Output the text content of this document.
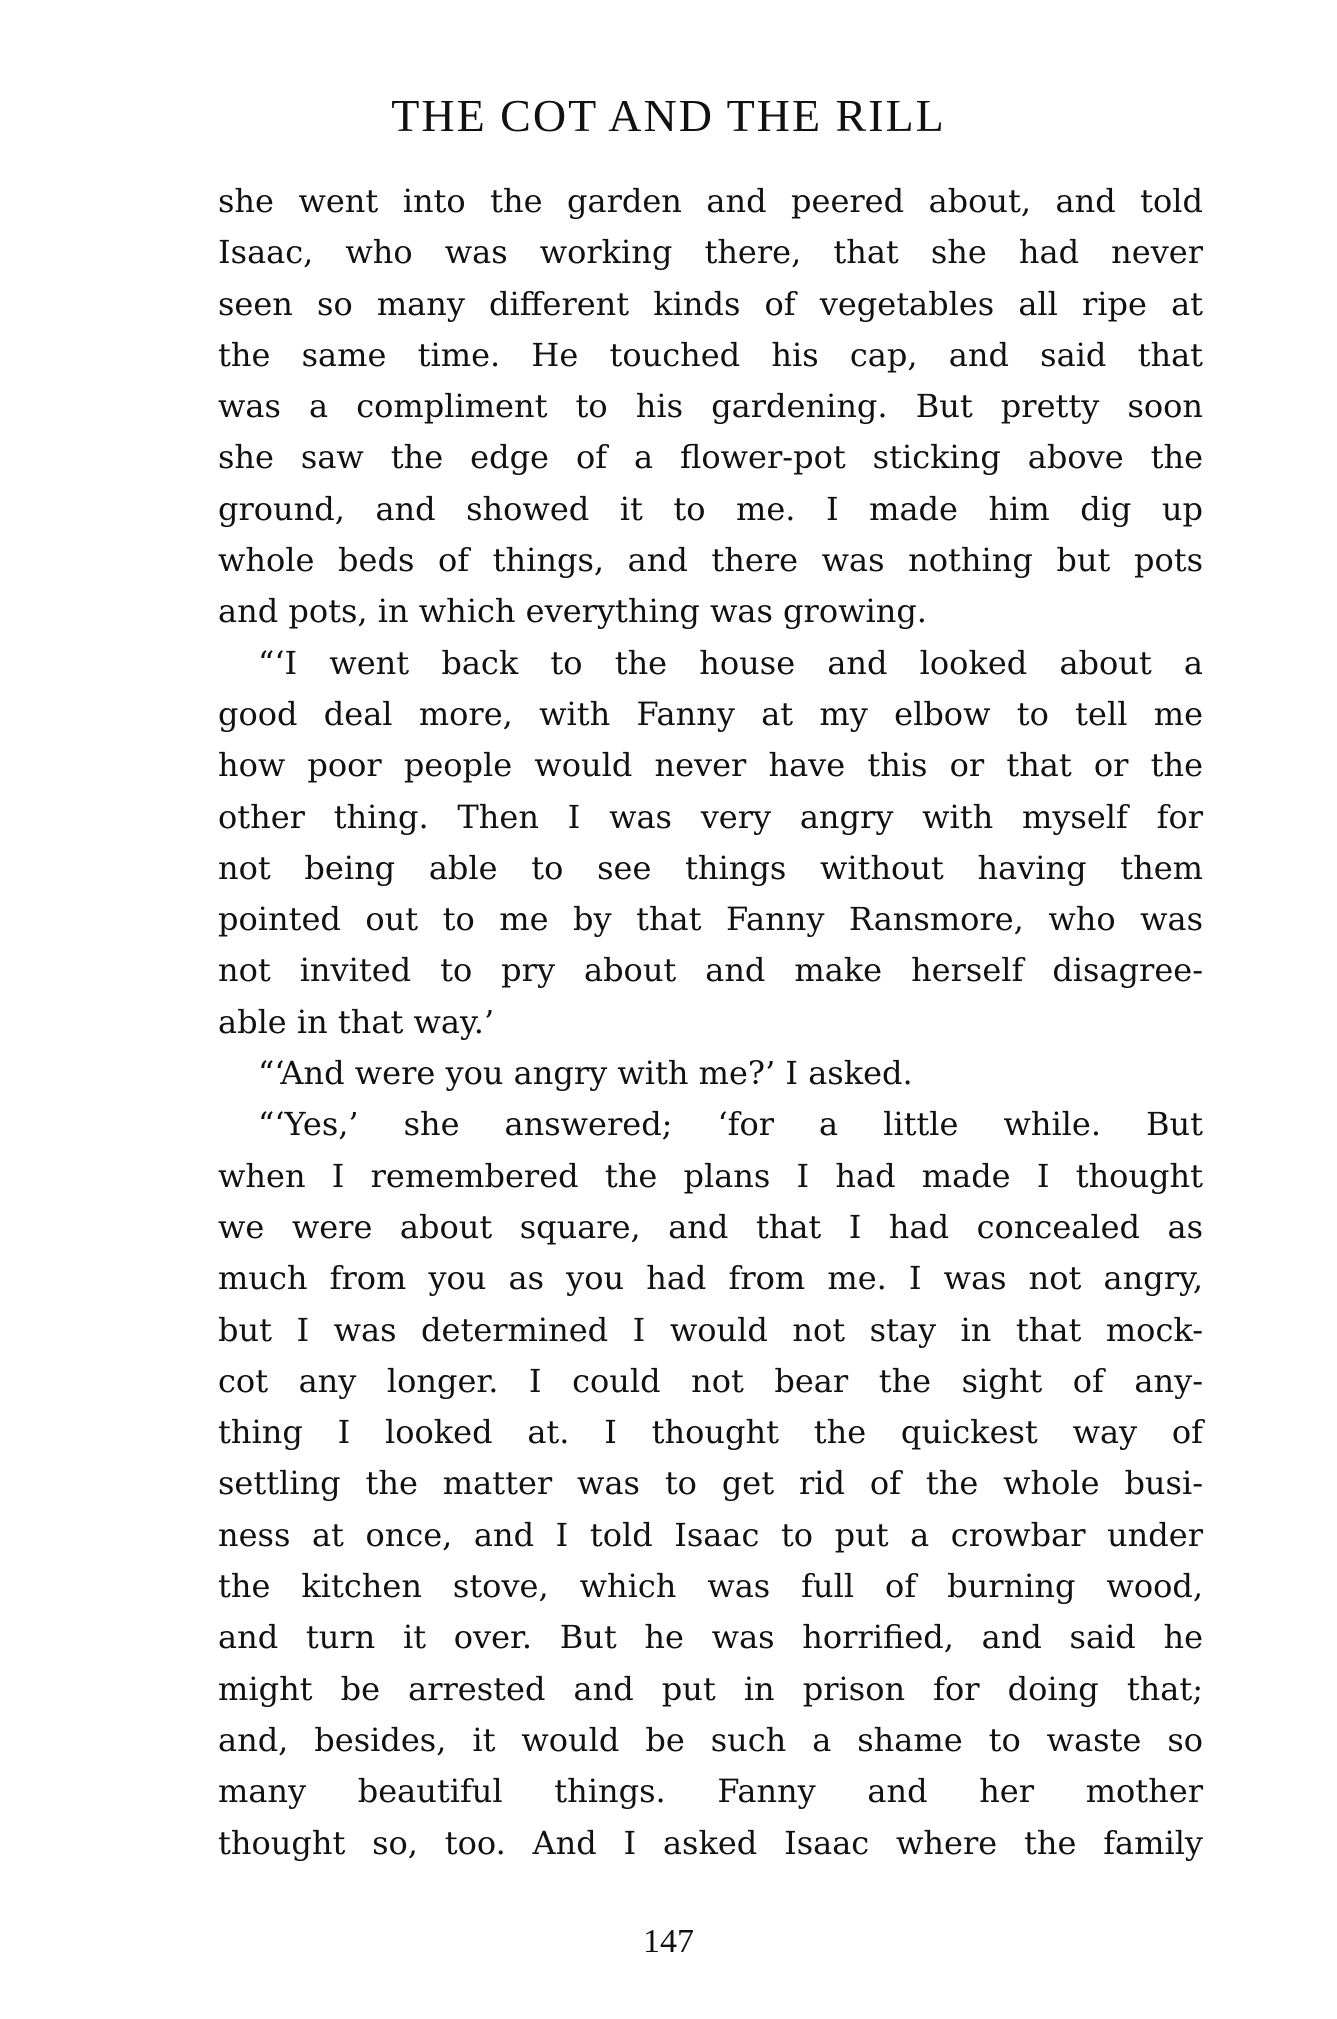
THE COT AND THE RILL
she went into the garden and peered about, and told
Isaac, who was working there, that she had never
seen so many different kinds of vegetables all ripe at
the same time. He touched his cap, and said that
was a compliment to his gardening. But pretty soon
she saw the edge of a flower-pot sticking above the
ground, and showed it to me. I made him dig up
whole beds of things, and there was nothing but pots
and pots, in which everything was growing.
“‘I went back to the house and looked about a
good deal more, with Fanny at my elbow to tell me
how poor people would never have this or that or the
other thing. Then I was very angry with myself for
not being able to see things without having them
pointed out to me by that Fanny Ransmore, who was
not invited to pry about and make herself disagree-
able in that way.’
“‘And were you angry with me?’ I asked.
“‘Yes,’ she answered; ‘for a little while. But
when I remembered the plans I had made I thought
we were about square, and that I had concealed as
much from you as you had from me. I was not angry,
but I was determined I would not stay in that mock-
cot any longer. I could not bear the sight of any-
thing I looked at. I thought the quickest way of
settling the matter was to get rid of the whole busi-
ness at once, and I told Isaac to put a crowbar under
the kitchen stove, which was full of burning wood,
and turn it over. But he was horrified, and said he
might be arrested and put in prison for doing that;
and, besides, it would be such a shame to waste so
many beautiful things. Fanny and her mother
thought so, too. And I asked Isaac where the family
147
